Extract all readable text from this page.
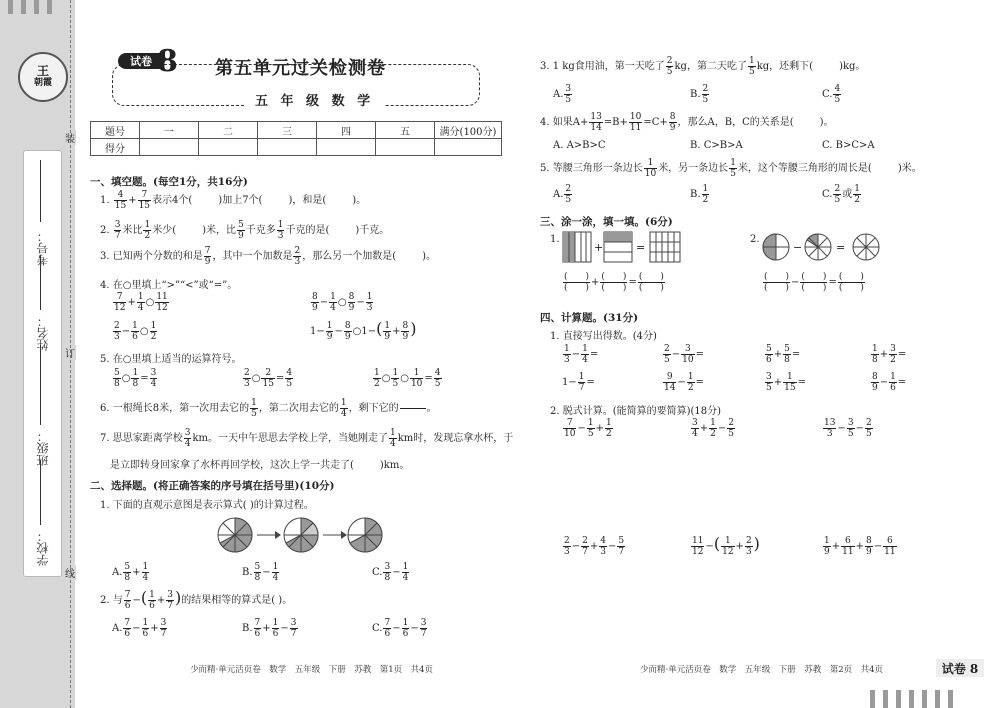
考号：
姓名：
班级：
学校：
装
订
线
王
朝霞
试卷 8 第五单元过关检测卷
五 年 级 数 学
题号	一	二	三	四	五	满分(100分)
得分						
一、填空题。(每空1分，共16分)
1. $\frac{4}{15} + \frac{7}{15}$ 表示4个(	)加上7个(	)，和是(	)。
2. $\frac{3}{7}$ 米比 $\frac{1}{2}$ 米少(	)米，比 $\frac{5}{9}$ 千克多 $\frac{1}{3}$ 千克的是(	)千克。
3. 已知两个分数的和是 $\frac{7}{9}$ ，其中一个加数是 $\frac{2}{3}$ ，那么另一个加数是(	)。
4. 在○里填上“>”“<”或“=”。
$\frac{7}{12} + \frac{1}{4}$ ○ $\frac{11}{12}$	$\frac{8}{9} - \frac{1}{4}$ ○ $\frac{8}{9} - \frac{1}{3}$
$\frac{2}{3} - \frac{1}{6}$ ○ $\frac{1}{2}$	$1- \frac{1}{9} - \frac{8}{9}$ ○1−( $\frac{1}{9} + \frac{8}{9}$ )
5. 在○里填上适当的运算符号。
$\frac{5}{8}$ ○ $\frac{1}{8} = \frac{3}{4}$	$\frac{2}{3}$ ○ $\frac{2}{15} = \frac{4}{5}$	$\frac{1}{2}$ ○ $\frac{1}{5}$ ○ $\frac{1}{10} = \frac{4}{5}$
6. 一根绳长8米，第一次用去它的 $\frac{1}{5}$ ，第二次用去它的 $\frac{1}{4}$ ，剩下它的

	。
7. 思思家距离学校 $\frac{3}{4}$ km。一天中午思思去学校上学，当她刚走了 $\frac{1}{4}$ km时，发现忘拿水杯，于
是立即转身回家拿了水杯再回学校，这次上学一共走了(	)km。
二、选择题。(将正确答案的序号填在括号里)(10分)
1. 下面的直观示意图是表示算式( )的计算过程。
A. $\frac{5}{8} + \frac{1}{4}$	B. $\frac{5}{8} - \frac{1}{4}$	C. $\frac{3}{8} - \frac{1}{4}$
2. 与 $\frac{7}{6}$ −( $\frac{1}{6} + \frac{3}{7}$ )的结果相等的算式是( )。
A. $\frac{7}{6} - \frac{1}{6} + \frac{3}{7}$	B. $\frac{7}{6} + \frac{1}{6} - \frac{3}{7}$	C. $\frac{7}{6} - \frac{1}{6} - \frac{3}{7}$
少而精·单元活页卷　数学　五年级　下册　苏教　第1页　共4页
3. 1 kg食用油，第一天吃了 $\frac{2}{5}$ kg，第二天吃了 $\frac{1}{5}$ kg，还剩下(	)kg。
A. $\frac{3}{5}$	B. $\frac{2}{5}$	C. $\frac{4}{5}$
4. 如果$A+ \frac{13}{14} =B+ \frac{10}{11} =C+ \frac{8}{9}$ ，那么A，B，C的关系是(	)。
A. A>B>C	B. C>B>A	C. B>C>A
5. 等腰三角形一条边长 $\frac{1}{10}$ 米，另一条边长 $\frac{1}{5}$ 米，这个等腰三角形的周长是(	)米。
A. $\frac{2}{5}$	B. $\frac{1}{2}$	C. $\frac{2}{5}$ 或 $\frac{1}{2}$
三、涂一涂，填一填。(6分)
1.
+	=
$\frac{( )}{( )} + \frac{( )}{( )} = \frac{( )}{( )}$
2.
−	=
$\frac{( )}{( )} - \frac{( )}{( )} = \frac{( )}{( )}$
四、计算题。(31分)
1. 直接写出得数。(4分)
$\frac{1}{3} - \frac{1}{4}$ =	$\frac{2}{5} - \frac{3}{10}$ =	$\frac{5}{6} + \frac{5}{8}$ =	$\frac{1}{8} + \frac{3}{2}$ =
$1- \frac{1}{7}$ =	$\frac{9}{14} - \frac{1}{2}$ =	$\frac{3}{5} + \frac{1}{15}$ =	$\frac{8}{9} - \frac{1}{6}$ =
2. 脱式计算。(能简算的要简算)(18分)
$\frac{7}{10} - \frac{1}{5} + \frac{1}{2}$	$\frac{3}{4} + \frac{1}{2} - \frac{2}{5}$	$\frac{13}{3} - \frac{3}{5} - \frac{2}{5}$
$\frac{2}{3} - \frac{2}{7} + \frac{4}{3} - \frac{5}{7}$	$\frac{11}{12}$ −( $\frac{1}{12} + \frac{2}{3}$ )	$\frac{1}{9} + \frac{6}{11} + \frac{8}{9} - \frac{6}{11}$
少而精·单元活页卷　数学　五年级　下册　苏教　第2页　共4页	试卷 8
